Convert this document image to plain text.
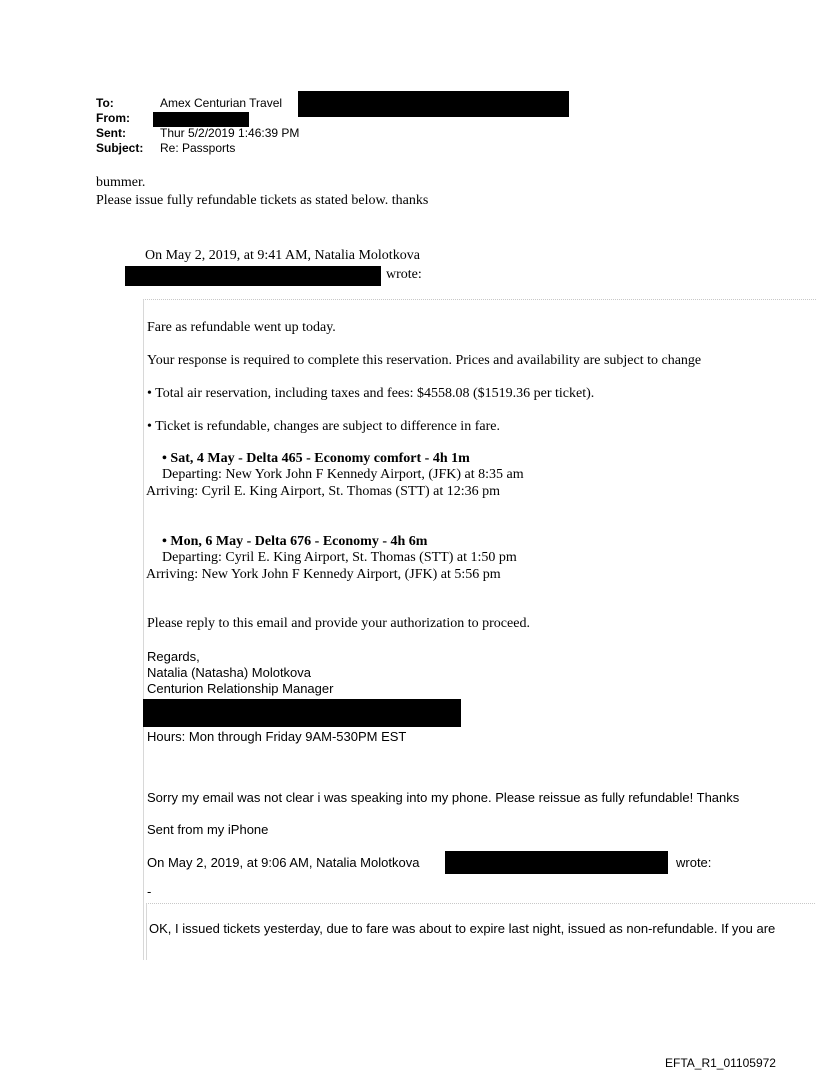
To:	Amex Centurian Travel
From:
Sent:	Thur 5/2/2019 1:46:39 PM
Subject: Re: Passports
bummer.
Please issue fully refundable tickets as stated below. thanks
On May 2, 2019, at 9:41 AM, Natalia Molotkova
wrote:
Fare as refundable went up today.
Your response is required to complete this reservation. Prices and availability are subject to change
• Total air reservation, including taxes and fees: $4558.08 ($1519.36 per ticket).
• Ticket is refundable, changes are subject to difference in fare.
• Sat, 4 May - Delta 465 - Economy comfort - 4h 1m
Departing: New York John F Kennedy Airport, (JFK) at 8:35 am
Arriving: Cyril E. King Airport, St. Thomas (STT) at 12:36 pm
• Mon, 6 May - Delta 676 - Economy - 4h 6m
Departing: Cyril E. King Airport, St. Thomas (STT) at 1:50 pm
Arriving: New York John F Kennedy Airport, (JFK) at 5:56 pm
Please reply to this email and provide your authorization to proceed.
Regards,
Natalia (Natasha) Molotkova
Centurion Relationship Manager
Hours: Mon through Friday 9AM-530PM EST
Sorry my email was not clear i was speaking into my phone. Please reissue as fully refundable! Thanks
Sent from my iPhone
On May 2, 2019, at 9:06 AM, Natalia Molotkova	wrote:
-
OK, I issued tickets yesterday, due to fare was about to expire last night, issued as non-refundable. If you are
EFTA_R1_01105972
